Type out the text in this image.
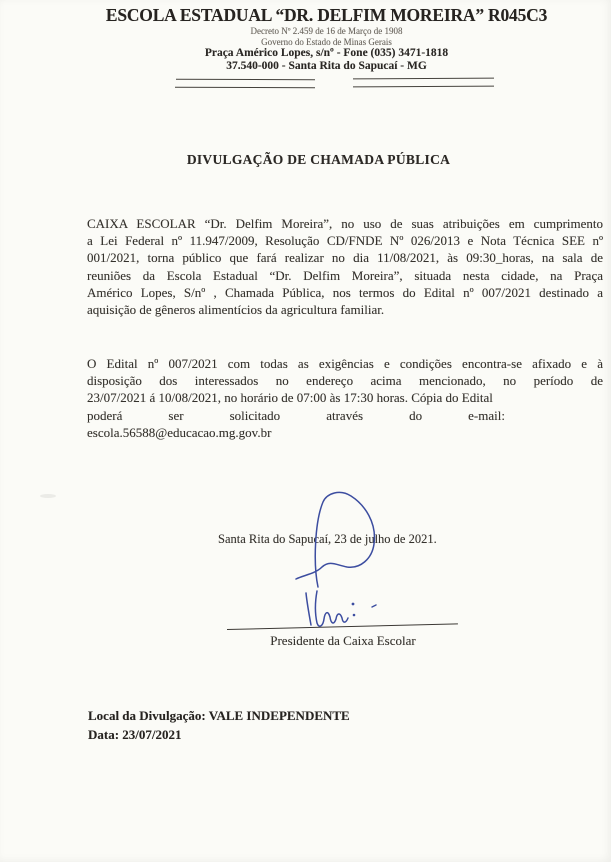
ESCOLA ESTADUAL “DR. DELFIM MOREIRA” R045C3
Decreto Nº 2.459 de 16 de Março de 1908
Governo do Estado de Minas Gerais
Praça Américo Lopes, s/nº - Fone (035) 3471-1818
37.540-000 - Santa Rita do Sapucaí - MG
DIVULGAÇÃO DE CHAMADA PÚBLICA
CAIXA ESCOLAR “Dr. Delfim Moreira”, no uso de suas atribuições em cumprimento
a Lei Federal nº 11.947/2009, Resolução CD/FNDE Nº 026/2013 e Nota Técnica SEE nº
001/2021, torna público que fará realizar no dia 11/08/2021, às 09:30_horas, na sala de
reuniões da Escola Estadual “Dr. Delfim Moreira”, situada nesta cidade, na Praça
Américo Lopes, S/nº , Chamada Pública, nos termos do Edital nº 007/2021 destinado a
aquisição de gêneros alimentícios da agricultura familiar.
O Edital nº 007/2021 com todas as exigências e condições encontra-se afixado e à
disposição dos interessados no endereço acima mencionado, no período de
23/07/2021 á 10/08/2021, no horário de 07:00 às 17:30 horas. Cópia do Edital
poderá ser solicitado através do e-mail:
escola.56588@educacao.mg.gov.br
Santa Rita do Sapucaí, 23 de julho de 2021.
Presidente da Caixa Escolar
Local da Divulgação: VALE INDEPENDENTE
Data: 23/07/2021
